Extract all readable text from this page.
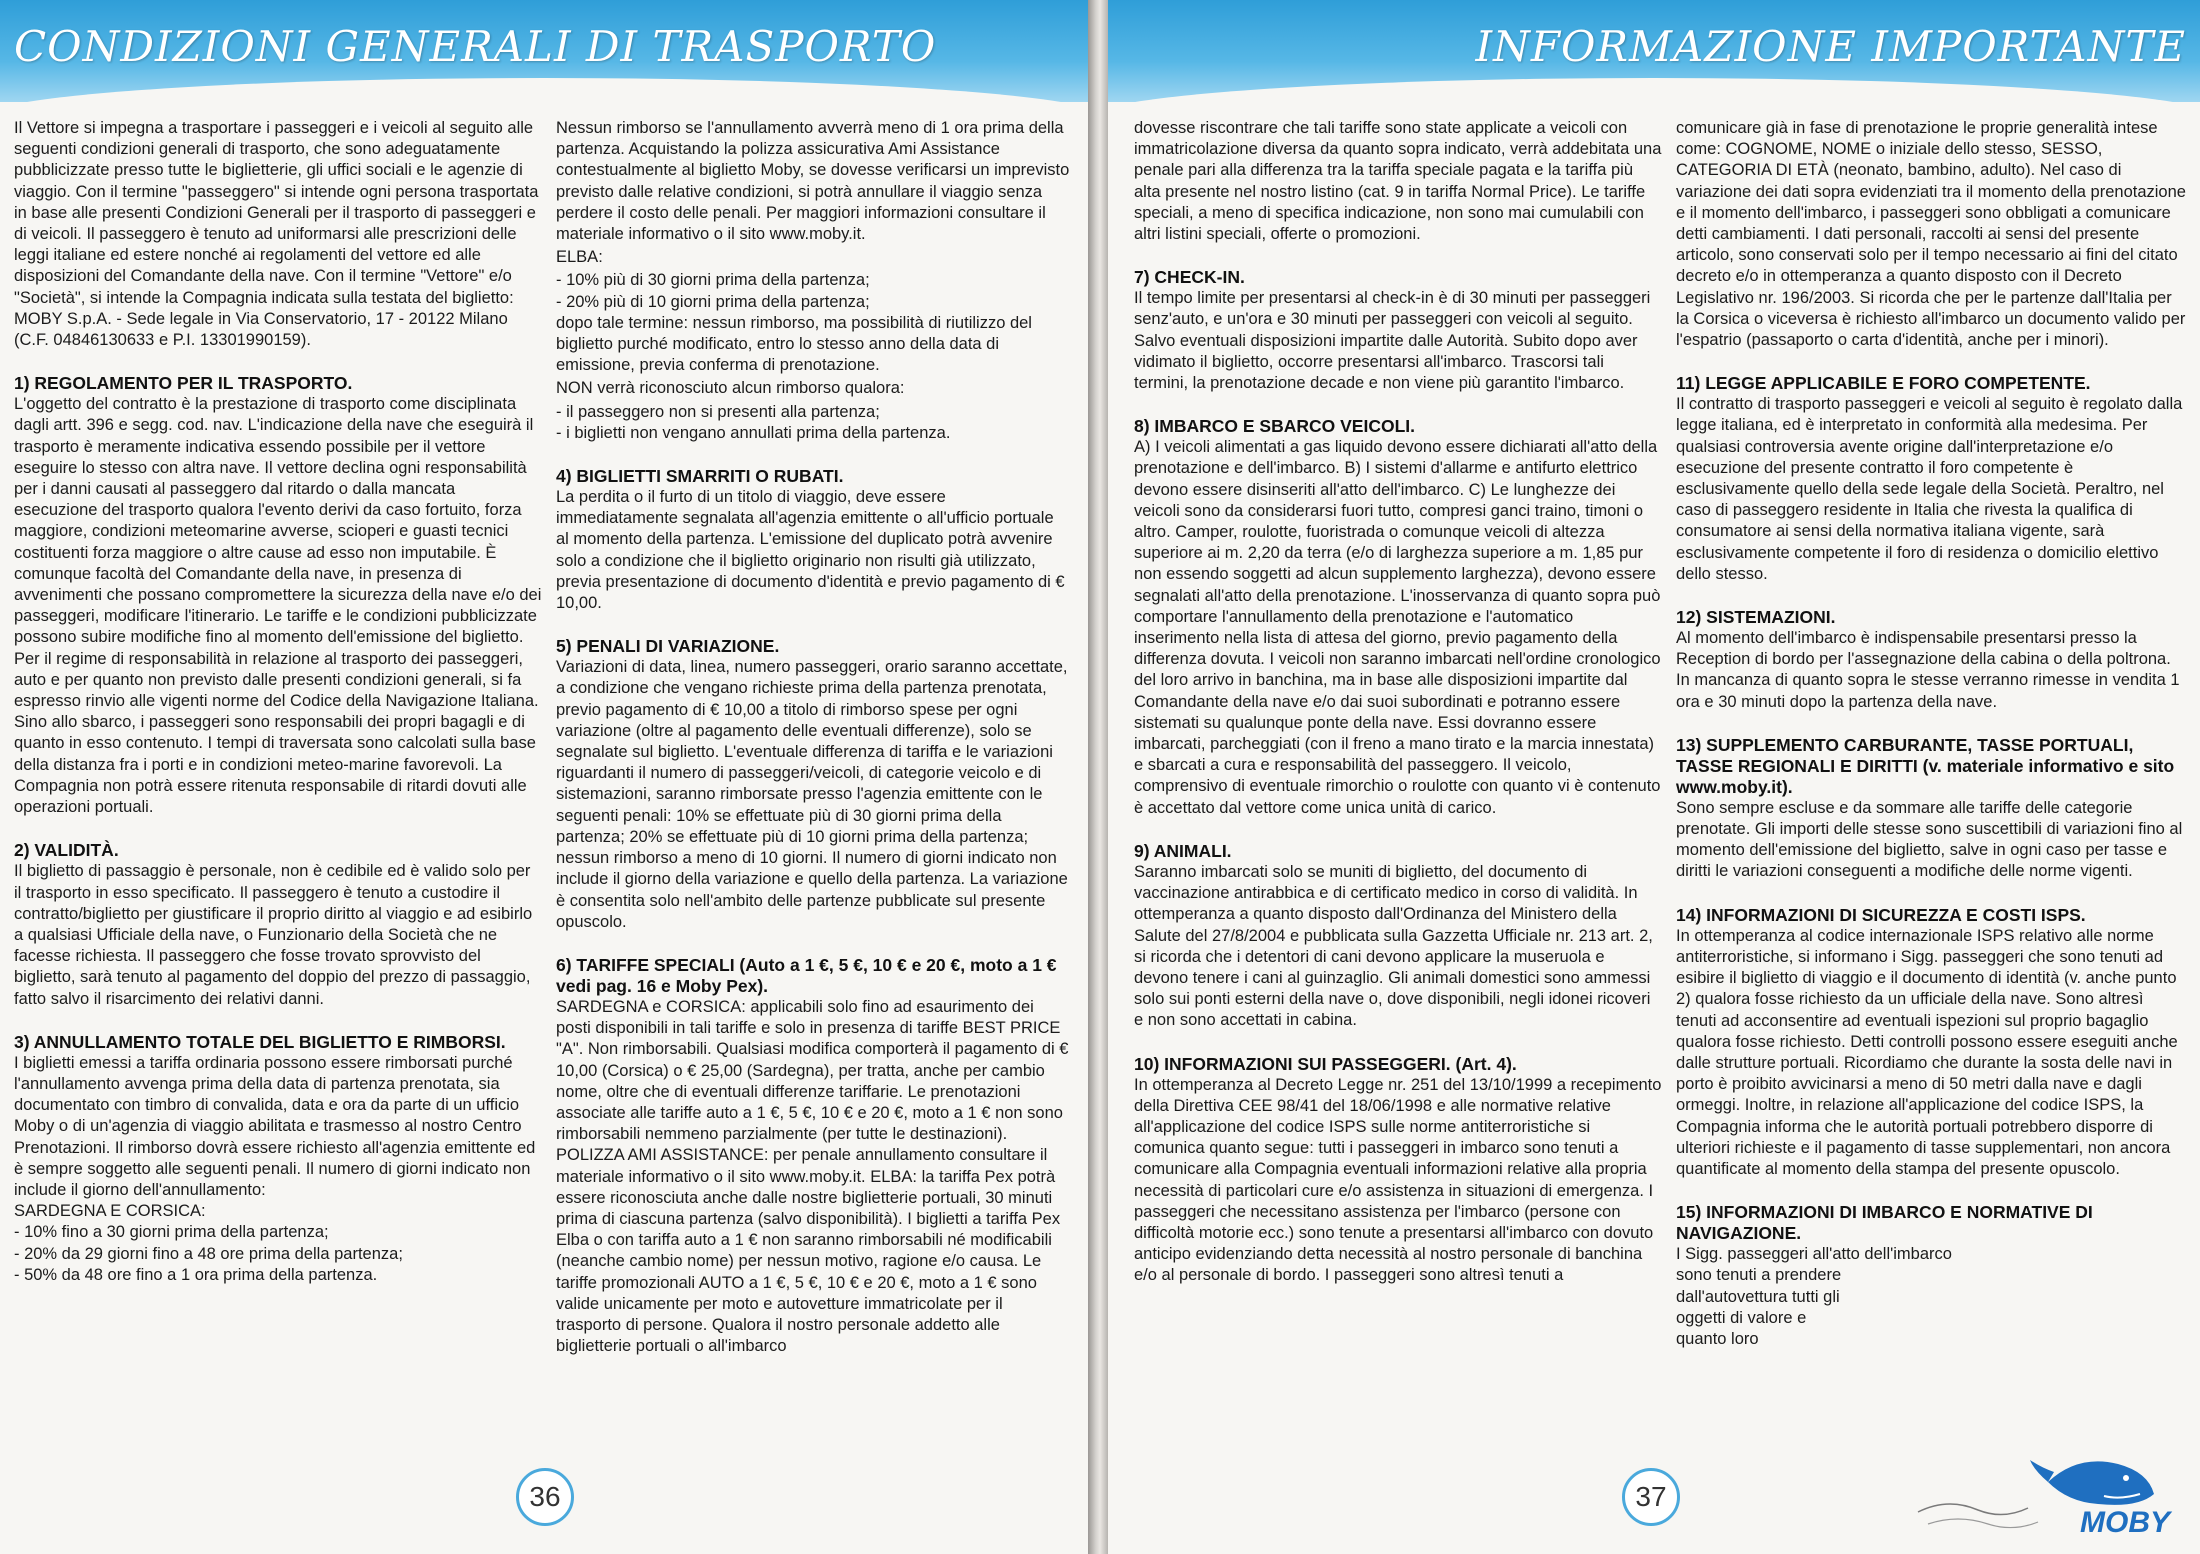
CONDIZIONI GENERALI DI TRASPORTO

Il Vettore si impegna a trasportare i passeggeri e i veicoli al seguito alle seguenti condizioni generali di trasporto, che sono adeguatamente pubblicizzate presso tutte le biglietterie, gli uffici sociali e le agenzie di viaggio. Con il termine "passeggero" si intende ogni persona trasportata in base alle presenti Condizioni Generali per il trasporto di passeggeri e di veicoli. Il passeggero è tenuto ad uniformarsi alle prescrizioni delle leggi italiane ed estere nonché ai regolamenti del vettore ed alle disposizioni del Comandante della nave. Con il termine "Vettore" e/o "Società", si intende la Compagnia indicata sulla testata del biglietto: MOBY S.p.A. - Sede legale in Via Conservatorio, 17 - 20122 Milano (C.F. 04846130633 e P.I. 13301990159).

1) REGOLAMENTO PER IL TRASPORTO.

L'oggetto del contratto è la prestazione di trasporto come disciplinata dagli artt. 396 e segg. cod. nav. L'indicazione della nave che eseguirà il trasporto è meramente indicativa essendo possibile per il vettore eseguire lo stesso con altra nave. Il vettore declina ogni responsabilità per i danni causati al passeggero dal ritardo o dalla mancata esecuzione del trasporto qualora l'evento derivi da caso fortuito, forza maggiore, condizioni meteomarine avverse, scioperi e guasti tecnici costituenti forza maggiore o altre cause ad esso non imputabile. È comunque facoltà del Comandante della nave, in presenza di avvenimenti che possano compromettere la sicurezza della nave e/o dei passeggeri, modificare l'itinerario. Le tariffe e le condizioni pubblicizzate possono subire modifiche fino al momento dell'emissione del biglietto. Per il regime di responsabilità in relazione al trasporto dei passeggeri, auto e per quanto non previsto dalle presenti condizioni generali, si fa espresso rinvio alle vigenti norme del Codice della Navigazione Italiana. Sino allo sbarco, i passeggeri sono responsabili dei propri bagagli e di quanto in esso contenuto. I tempi di traversata sono calcolati sulla base della distanza fra i porti e in condizioni meteo-marine favorevoli. La Compagnia non potrà essere ritenuta responsabile di ritardi dovuti alle operazioni portuali.

2) VALIDITÀ.

Il biglietto di passaggio è personale, non è cedibile ed è valido solo per il trasporto in esso specificato. Il passeggero è tenuto a custodire il contratto/biglietto per giustificare il proprio diritto al viaggio e ad esibirlo a qualsiasi Ufficiale della nave, o Funzionario della Società che ne facesse richiesta. Il passeggero che fosse trovato sprovvisto del biglietto, sarà tenuto al pagamento del doppio del prezzo di passaggio, fatto salvo il risarcimento dei relativi danni.

3) ANNULLAMENTO TOTALE DEL BIGLIETTO E RIMBORSI.

I biglietti emessi a tariffa ordinaria possono essere rimborsati purché l'annullamento avvenga prima della data di partenza prenotata, sia documentato con timbro di convalida, data e ora da parte di un ufficio Moby o di un'agenzia di viaggio abilitata e trasmesso al nostro Centro Prenotazioni. Il rimborso dovrà essere richiesto all'agenzia emittente ed è sempre soggetto alle seguenti penali. Il numero di giorni indicato non include il giorno dell'annullamento:

SARDEGNA E CORSICA:

- 10% fino a 30 giorni prima della partenza;
- 20% da 29 giorni fino a 48 ore prima della partenza;
- 50% da 48 ore fino a 1 ora prima della partenza.

Nessun rimborso se l'annullamento avverrà meno di 1 ora prima della partenza. Acquistando la polizza assicurativa Ami Assistance contestualmente al biglietto Moby, se dovesse verificarsi un imprevisto previsto dalle relative condizioni, si potrà annullare il viaggio senza perdere il costo delle penali. Per maggiori informazioni consultare il materiale informativo o il sito www.moby.it.

ELBA:

- 10% più di 30 giorni prima della partenza;
- 20% più di 10 giorni prima della partenza;

dopo tale termine: nessun rimborso, ma possibilità di riutilizzo del biglietto purché modificato, entro lo stesso anno della data di emissione, previa conferma di prenotazione.

NON verrà riconosciuto alcun rimborso qualora:

- il passeggero non si presenti alla partenza;
- i biglietti non vengano annullati prima della partenza.
4) BIGLIETTI SMARRITI O RUBATI.

La perdita o il furto di un titolo di viaggio, deve essere immediatamente segnalata all'agenzia emittente o all'ufficio portuale al momento della partenza. L'emissione del duplicato potrà avvenire solo a condizione che il biglietto originario non risulti già utilizzato, previa presentazione di documento d'identità e previo pagamento di € 10,00.

5) PENALI DI VARIAZIONE.

Variazioni di data, linea, numero passeggeri, orario saranno accettate, a condizione che vengano richieste prima della partenza prenotata, previo pagamento di € 10,00 a titolo di rimborso spese per ogni variazione (oltre al pagamento delle eventuali differenze), solo se segnalate sul biglietto. L'eventuale differenza di tariffa e le variazioni riguardanti il numero di passeggeri/veicoli, di categorie veicolo e di sistemazioni, saranno rimborsate presso l'agenzia emittente con le seguenti penali: 10% se effettuate più di 30 giorni prima della partenza; 20% se effettuate più di 10 giorni prima della partenza; nessun rimborso a meno di 10 giorni. Il numero di giorni indicato non include il giorno della variazione e quello della partenza. La variazione è consentita solo nell'ambito delle partenze pubblicate sul presente opuscolo.

6) TARIFFE SPECIALI (Auto a 1 €, 5 €, 10 € e 20 €, moto a 1 € vedi pag. 16 e Moby Pex).

SARDEGNA e CORSICA: applicabili solo fino ad esaurimento dei posti disponibili in tali tariffe e solo in presenza di tariffe BEST PRICE "A". Non rimborsabili. Qualsiasi modifica comporterà il pagamento di € 10,00 (Corsica) o € 25,00 (Sardegna), per tratta, anche per cambio nome, oltre che di eventuali differenze tariffarie. Le prenotazioni associate alle tariffe auto a 1 €, 5 €, 10 € e 20 €, moto a 1 € non sono rimborsabili nemmeno parzialmente (per tutte le destinazioni). POLIZZA AMI ASSISTANCE: per penale annullamento consultare il materiale informativo o il sito www.moby.it. ELBA: la tariffa Pex potrà essere riconosciuta anche dalle nostre biglietterie portuali, 30 minuti prima di ciascuna partenza (salvo disponibilità). I biglietti a tariffa Pex Elba o con tariffa auto a 1 € non saranno rimborsabili né modificabili (neanche cambio nome) per nessun motivo, ragione e/o causa. Le tariffe promozionali AUTO a 1 €, 5 €, 10 € e 20 €, moto a 1 € sono valide unicamente per moto e autovetture immatricolate per il trasporto di persone. Qualora il nostro personale addetto alle biglietterie portuali o all'imbarco

36
INFORMAZIONE IMPORTANTE

dovesse riscontrare che tali tariffe sono state applicate a veicoli con immatricolazione diversa da quanto sopra indicato, verrà addebitata una penale pari alla differenza tra la tariffa speciale pagata e la tariffa più alta presente nel nostro listino (cat. 9 in tariffa Normal Price). Le tariffe speciali, a meno di specifica indicazione, non sono mai cumulabili con altri listini speciali, offerte o promozioni.

7) CHECK-IN.

Il tempo limite per presentarsi al check-in è di 30 minuti per passeggeri senz'auto, e un'ora e 30 minuti per passeggeri con veicoli al seguito. Salvo eventuali disposizioni impartite dalle Autorità. Subito dopo aver vidimato il biglietto, occorre presentarsi all'imbarco. Trascorsi tali termini, la prenotazione decade e non viene più garantito l'imbarco.

8) IMBARCO E SBARCO VEICOLI.

A) I veicoli alimentati a gas liquido devono essere dichiarati all'atto della prenotazione e dell'imbarco. B) I sistemi d'allarme e antifurto elettrico devono essere disinseriti all'atto dell'imbarco. C) Le lunghezze dei veicoli sono da considerarsi fuori tutto, compresi ganci traino, timoni o altro. Camper, roulotte, fuoristrada o comunque veicoli di altezza superiore ai m. 2,20 da terra (e/o di larghezza superiore a m. 1,85 pur non essendo soggetti ad alcun supplemento larghezza), devono essere segnalati all'atto della prenotazione. L'inosservanza di quanto sopra può comportare l'annullamento della prenotazione e l'automatico inserimento nella lista di attesa del giorno, previo pagamento della differenza dovuta. I veicoli non saranno imbarcati nell'ordine cronologico del loro arrivo in banchina, ma in base alle disposizioni impartite dal Comandante della nave e/o dai suoi subordinati e potranno essere sistemati su qualunque ponte della nave. Essi dovranno essere imbarcati, parcheggiati (con il freno a mano tirato e la marcia innestata) e sbarcati a cura e responsabilità del passeggero. Il veicolo, comprensivo di eventuale rimorchio o roulotte con quanto vi è contenuto è accettato dal vettore come unica unità di carico.

9) ANIMALI.

Saranno imbarcati solo se muniti di biglietto, del documento di vaccinazione antirabbica e di certificato medico in corso di validità. In ottemperanza a quanto disposto dall'Ordinanza del Ministero della Salute del 27/8/2004 e pubblicata sulla Gazzetta Ufficiale nr. 213 art. 2, si ricorda che i detentori di cani devono applicare la museruola e devono tenere i cani al guinzaglio. Gli animali domestici sono ammessi solo sui ponti esterni della nave o, dove disponibili, negli idonei ricoveri e non sono accettati in cabina.

10) INFORMAZIONI SUI PASSEGGERI. (Art. 4).

In ottemperanza al Decreto Legge nr. 251 del 13/10/1999 a recepimento della Direttiva CEE 98/41 del 18/06/1998 e alle normative relative all'applicazione del codice ISPS sulle norme antiterroristiche si comunica quanto segue: tutti i passeggeri in imbarco sono tenuti a comunicare alla Compagnia eventuali informazioni relative alla propria necessità di particolari cure e/o assistenza in situazioni di emergenza. I passeggeri che necessitano assistenza per l'imbarco (persone con difficoltà motorie ecc.) sono tenute a presentarsi all'imbarco con dovuto anticipo evidenziando detta necessità al nostro personale di banchina e/o al personale di bordo. I passeggeri sono altresì tenuti a

comunicare già in fase di prenotazione le proprie generalità intese come: COGNOME, NOME o iniziale dello stesso, SESSO, CATEGORIA DI ETÀ (neonato, bambino, adulto). Nel caso di variazione dei dati sopra evidenziati tra il momento della prenotazione e il momento dell'imbarco, i passeggeri sono obbligati a comunicare detti cambiamenti. I dati personali, raccolti ai sensi del presente articolo, sono conservati solo per il tempo necessario ai fini del citato decreto e/o in ottemperanza a quanto disposto con il Decreto Legislativo nr. 196/2003. Si ricorda che per le partenze dall'Italia per la Corsica o viceversa è richiesto all'imbarco un documento valido per l'espatrio (passaporto o carta d'identità, anche per i minori).

11) LEGGE APPLICABILE E FORO COMPETENTE.

Il contratto di trasporto passeggeri e veicoli al seguito è regolato dalla legge italiana, ed è interpretato in conformità alla medesima. Per qualsiasi controversia avente origine dall'interpretazione e/o esecuzione del presente contratto il foro competente è esclusivamente quello della sede legale della Società. Peraltro, nel caso di passeggero residente in Italia che rivesta la qualifica di consumatore ai sensi della normativa italiana vigente, sarà esclusivamente competente il foro di residenza o domicilio elettivo dello stesso.

12) SISTEMAZIONI.

Al momento dell'imbarco è indispensabile presentarsi presso la Reception di bordo per l'assegnazione della cabina o della poltrona. In mancanza di quanto sopra le stesse verranno rimesse in vendita 1 ora e 30 minuti dopo la partenza della nave.

13) SUPPLEMENTO CARBURANTE, TASSE PORTUALI, TASSE REGIONALI E DIRITTI (v. materiale informativo e sito www.moby.it).

Sono sempre escluse e da sommare alle tariffe delle categorie prenotate. Gli importi delle stesse sono suscettibili di variazioni fino al momento dell'emissione del biglietto, salve in ogni caso per tasse e diritti le variazioni conseguenti a modifiche delle norme vigenti.

14) INFORMAZIONI DI SICUREZZA E COSTI ISPS.

In ottemperanza al codice internazionale ISPS relativo alle norme antiterroristiche, si informano i Sigg. passeggeri che sono tenuti ad esibire il biglietto di viaggio e il documento di identità (v. anche punto 2) qualora fosse richiesto da un ufficiale della nave. Sono altresì tenuti ad acconsentire ad eventuali ispezioni sul proprio bagaglio qualora fosse richiesto. Detti controlli possono essere eseguiti anche dalle strutture portuali. Ricordiamo che durante la sosta delle navi in porto è proibito avvicinarsi a meno di 50 metri dalla nave e dagli ormeggi. Inoltre, in relazione all'applicazione del codice ISPS, la Compagnia informa che le autorità portuali potrebbero disporre di ulteriori richieste e il pagamento di tasse supplementari, non ancora quantificate al momento della stampa del presente opuscolo.

15) INFORMAZIONI DI IMBARCO E NORMATIVE DI NAVIGAZIONE.
I Sigg. passeggeri all'atto dell'imbarco
sono tenuti a prendere
dall'autovettura tutti gli
oggetti di valore e
quanto loro
37
MOBY
